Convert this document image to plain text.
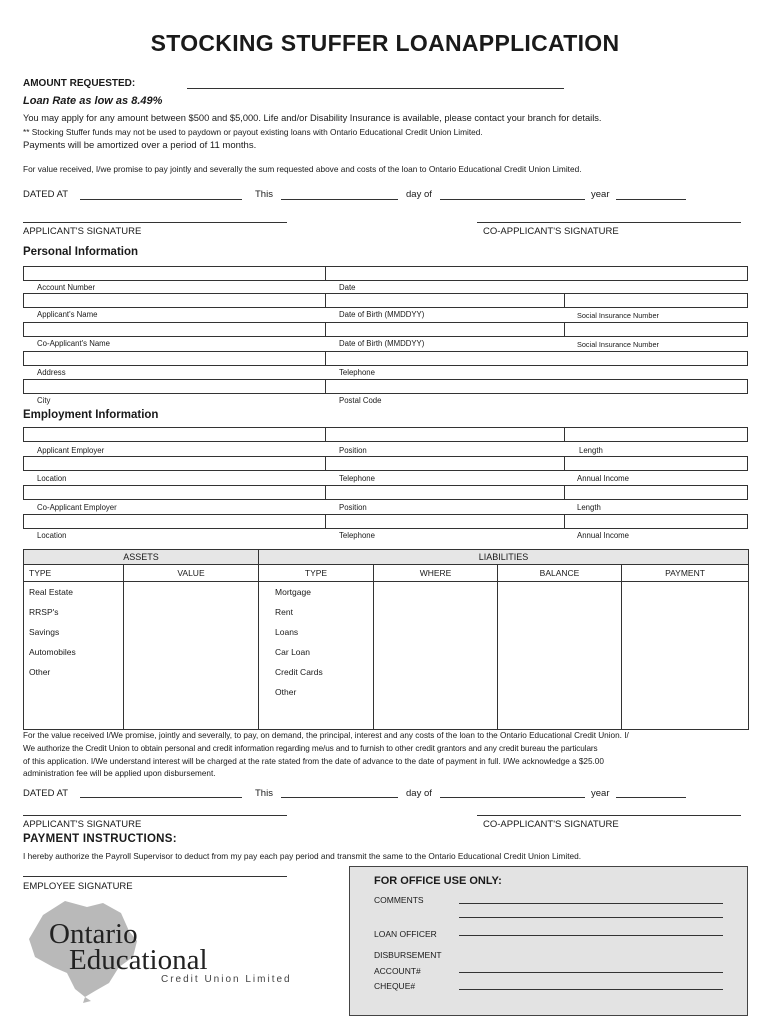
STOCKING STUFFER LOANAPPLICATION
AMOUNT REQUESTED:
Loan Rate as low as 8.49%
You may apply for any amount between $500 and $5,000. Life and/or Disability Insurance is available, please contact your branch for details.
** Stocking Stuffer funds may not be used to paydown or payout existing loans with Ontario Educational Credit Union Limited.
Payments will be amortized over a period of 11 months.
For value received, I/we promise to pay jointly and severally the sum requested above and costs of the loan to Ontario Educational Credit Union Limited.
DATED AT	This	day of	year
APPLICANT'S SIGNATURE	CO-APPLICANT'S SIGNATURE
Personal Information
Account Number	Date
Applicant's Name	Date of Birth (MMDDYY)	Social Insurance Number
Co-Applicant's Name	Date of Birth (MMDDYY)	Social Insurance Number
Address	Telephone
City	Postal Code
Employment Information
Applicant Employer	Position	Length
Location	Telephone	Annual Income
Co-Applicant Employer	Position	Length
Location	Telephone	Annual Income
ASSETS		LIABILITIES			
TYPE	VALUE	TYPE	WHERE	BALANCE	PAYMENT
Real Estate		Mortgage			
RRSP's		Rent			
Savings		Loans			
Automobiles		Car Loan			
Other		Credit Cards			
		Other			

For the value received I/We promise, jointly and severally, to pay, on demand, the principal, interest and any costs of the loan to the Ontario Educational Credit Union. I/
We authorize the Credit Union to obtain personal and credit information regarding me/us and to furnish to other credit grantors and any credit bureau the particulars
of this application. I/We understand interest will be charged at the rate stated from the date of advance to the date of payment in full. I/We acknowledge a $25.00
administration fee will be applied upon disbursement.
DATED AT	This	day of	year
APPLICANT'S SIGNATURE	CO-APPLICANT'S SIGNATURE
PAYMENT INSTRUCTIONS:
I hereby authorize the Payroll Supervisor to deduct from my pay each pay period and transmit the same to the Ontario Educational Credit Union Limited.
EMPLOYEE SIGNATURE
Ontario
Educational
Credit Union Limited
FOR OFFICE USE ONLY:
COMMENTS
LOAN OFFICER
DISBURSEMENT
ACCOUNT#
CHEQUE#
